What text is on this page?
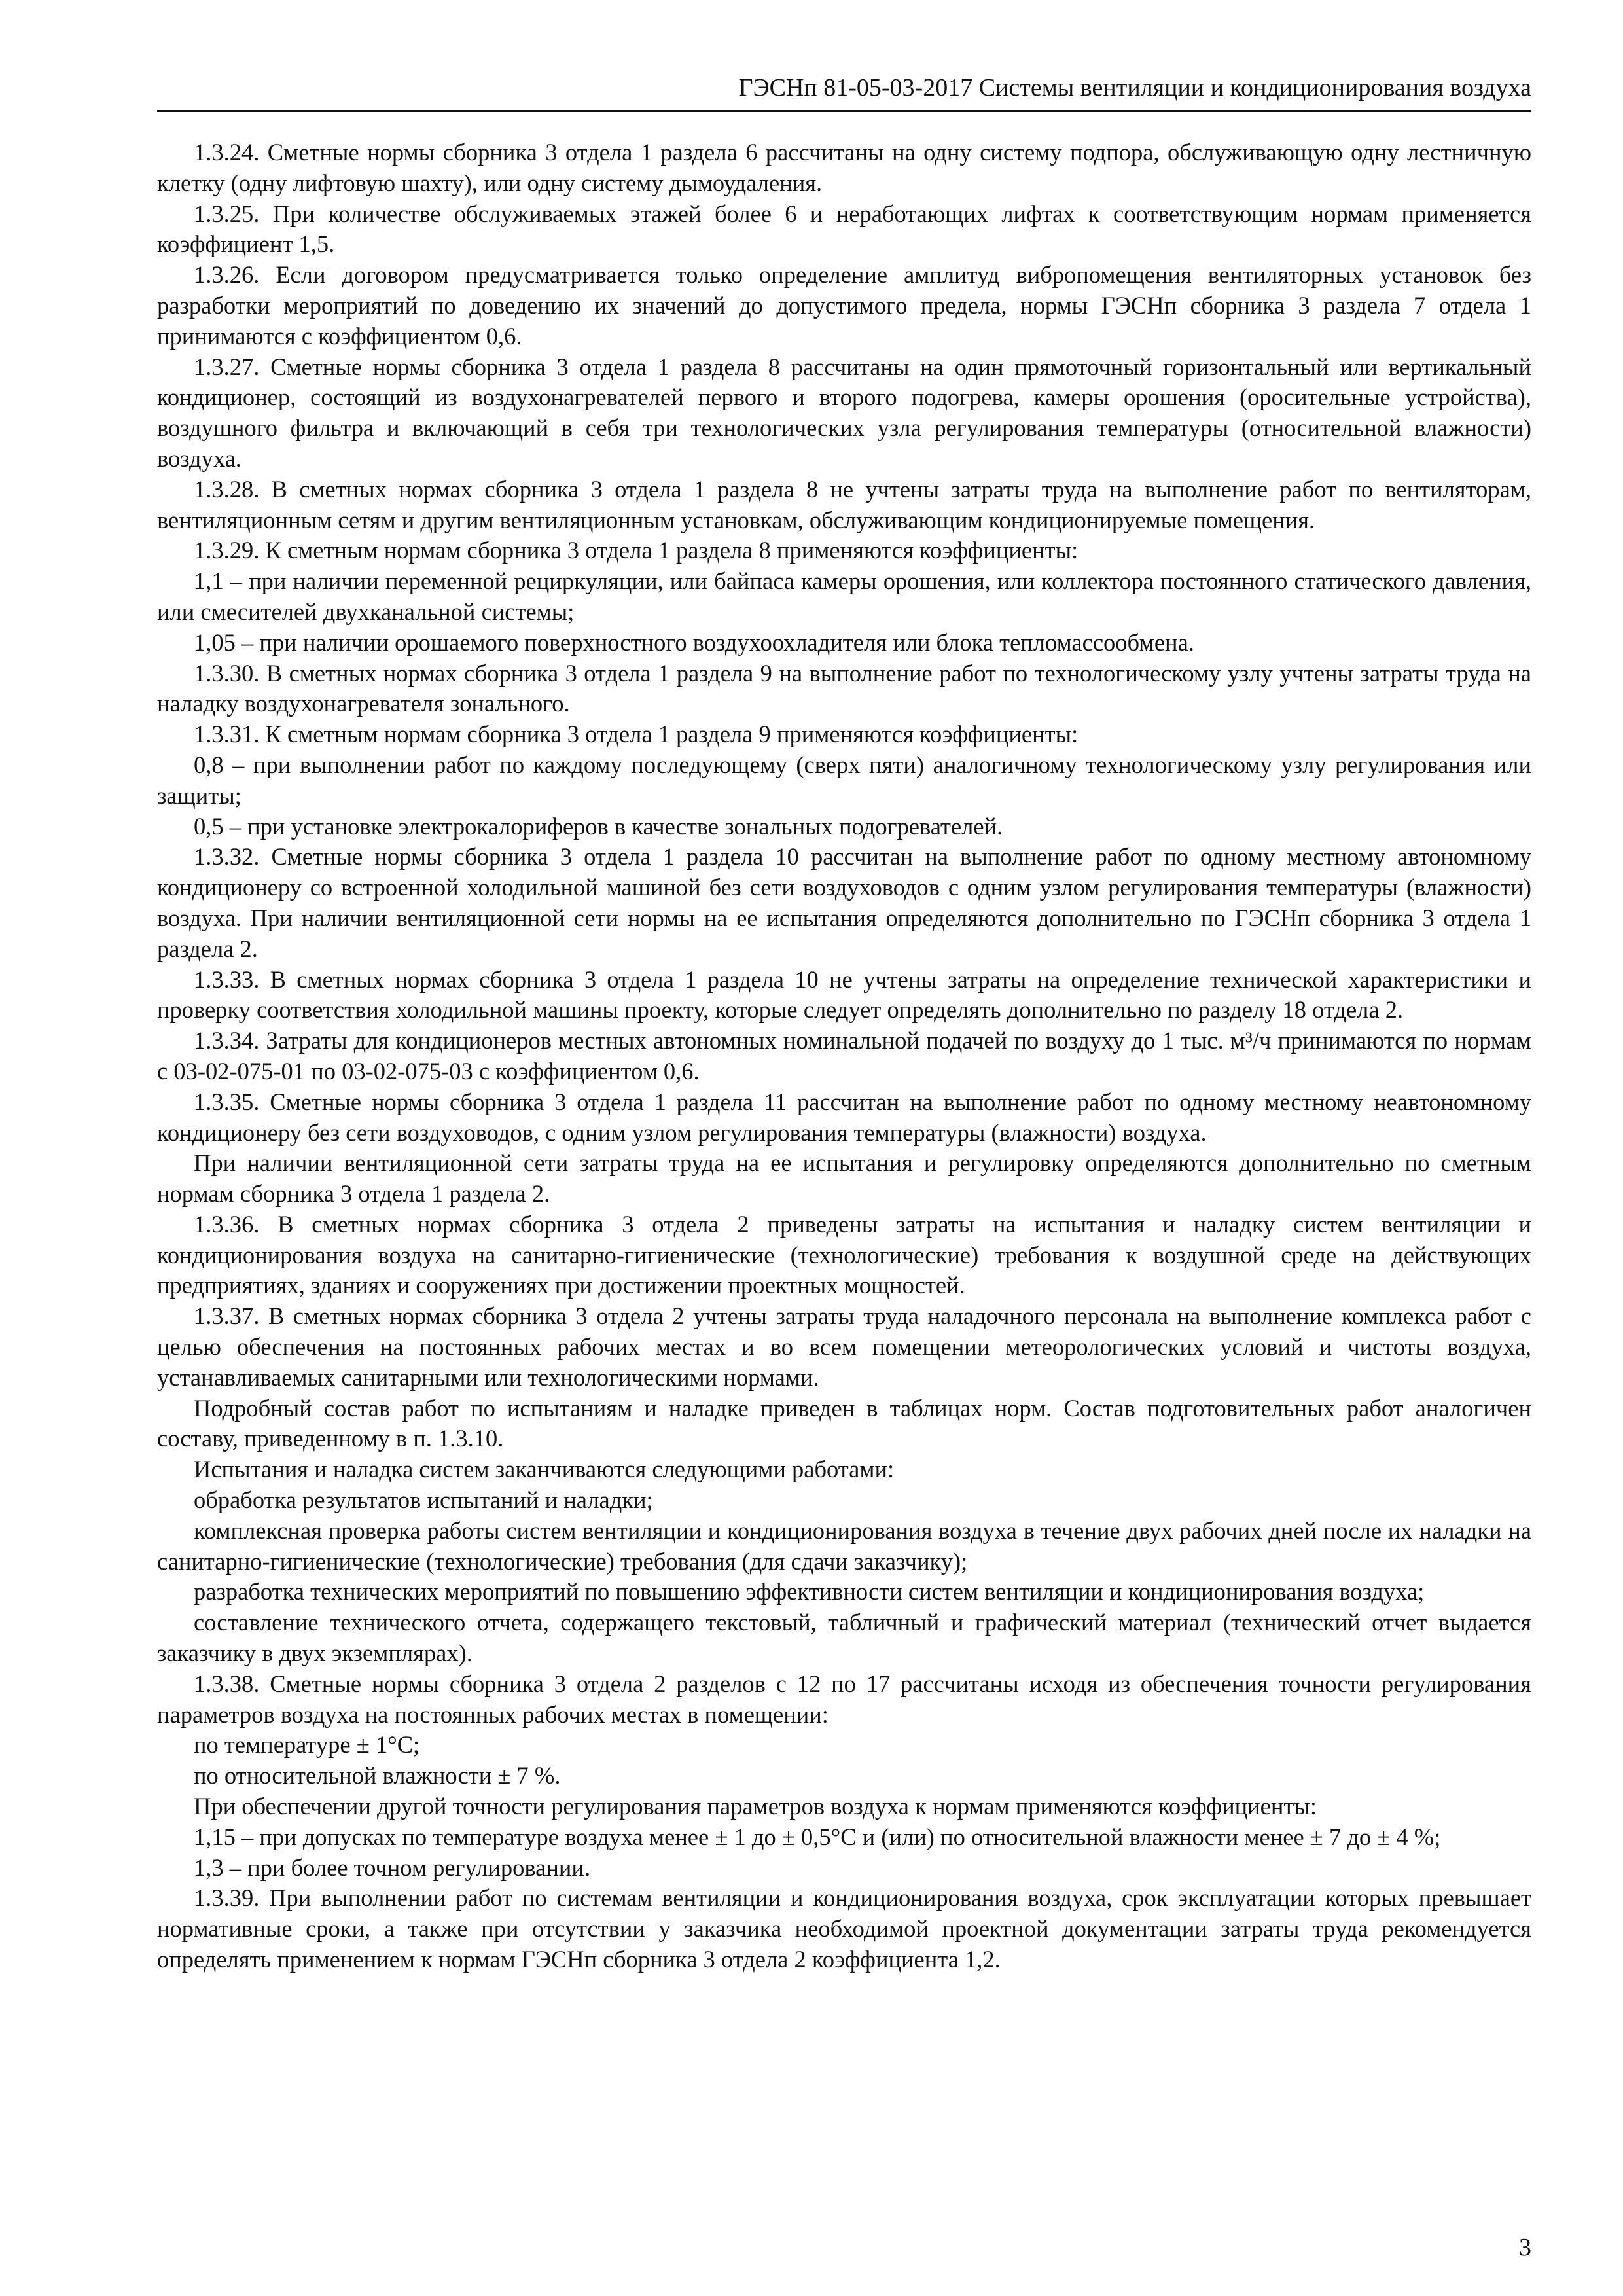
ГЭСНп 81-05-03-2017 Системы вентиляции и кондиционирования воздуха

1.3.24. Сметные нормы сборника 3 отдела 1 раздела 6 рассчитаны на одну систему подпора, обслуживающую одну лестничную клетку (одну лифтовую шахту), или одну систему дымоудаления.

1.3.25. При количестве обслуживаемых этажей более 6 и неработающих лифтах к соответствующим нормам применяется коэффициент 1,5.

1.3.26. Если договором предусматривается только определение амплитуд вибропомещения вентиляторных установок без разработки мероприятий по доведению их значений до допустимого предела, нормы ГЭСНп сборника 3 раздела 7 отдела 1 принимаются с коэффициентом 0,6.

1.3.27. Сметные нормы сборника 3 отдела 1 раздела 8 рассчитаны на один прямоточный горизонтальный или вертикальный кондиционер, состоящий из воздухонагревателей первого и второго подогрева, камеры орошения (оросительные устройства), воздушного фильтра и включающий в себя три технологических узла регулирования температуры (относительной влажности) воздуха.

1.3.28. В сметных нормах сборника 3 отдела 1 раздела 8 не учтены затраты труда на выполнение работ по вентиляторам, вентиляционным сетям и другим вентиляционным установкам, обслуживающим кондиционируемые помещения.

1.3.29. К сметным нормам сборника 3 отдела 1 раздела 8 применяются коэффициенты:

1,1 – при наличии переменной рециркуляции, или байпаса камеры орошения, или коллектора постоянного статического давления, или смесителей двухканальной системы;

1,05 – при наличии орошаемого поверхностного воздухоохладителя или блока тепломассообмена.

1.3.30. В сметных нормах сборника 3 отдела 1 раздела 9 на выполнение работ по технологическому узлу учтены затраты труда на наладку воздухонагревателя зонального.

1.3.31. К сметным нормам сборника 3 отдела 1 раздела 9 применяются коэффициенты:

0,8 – при выполнении работ по каждому последующему (сверх пяти) аналогичному технологическому узлу регулирования или защиты;

0,5 – при установке электрокалориферов в качестве зональных подогревателей.

1.3.32. Сметные нормы сборника 3 отдела 1 раздела 10 рассчитан на выполнение работ по одному местному автономному кондиционеру со встроенной холодильной машиной без сети воздуховодов с одним узлом регулирования температуры (влажности) воздуха. При наличии вентиляционной сети нормы на ее испытания определяются дополнительно по ГЭСНп сборника 3 отдела 1 раздела 2.

1.3.33. В сметных нормах сборника 3 отдела 1 раздела 10 не учтены затраты на определение технической характеристики и проверку соответствия холодильной машины проекту, которые следует определять дополнительно по разделу 18 отдела 2.

1.3.34. Затраты для кондиционеров местных автономных номинальной подачей по воздуху до 1 тыс. м³/ч принимаются по нормам с 03-02-075-01 по 03-02-075-03 с коэффициентом 0,6.

1.3.35. Сметные нормы сборника 3 отдела 1 раздела 11 рассчитан на выполнение работ по одному местному неавтономному кондиционеру без сети воздуховодов, с одним узлом регулирования температуры (влажности) воздуха.

При наличии вентиляционной сети затраты труда на ее испытания и регулировку определяются дополнительно по сметным нормам сборника 3 отдела 1 раздела 2.

1.3.36. В сметных нормах сборника 3 отдела 2 приведены затраты на испытания и наладку систем вентиляции и кондиционирования воздуха на санитарно-гигиенические (технологические) требования к воздушной среде на действующих предприятиях, зданиях и сооружениях при достижении проектных мощностей.

1.3.37. В сметных нормах сборника 3 отдела 2 учтены затраты труда наладочного персонала на выполнение комплекса работ с целью обеспечения на постоянных рабочих местах и во всем помещении метеорологических условий и чистоты воздуха, устанавливаемых санитарными или технологическими нормами.

Подробный состав работ по испытаниям и наладке приведен в таблицах норм. Состав подготовительных работ аналогичен составу, приведенному в п. 1.3.10.

Испытания и наладка систем заканчиваются следующими работами:

обработка результатов испытаний и наладки;

комплексная проверка работы систем вентиляции и кондиционирования воздуха в течение двух рабочих дней после их наладки на санитарно-гигиенические (технологические) требования (для сдачи заказчику);

разработка технических мероприятий по повышению эффективности систем вентиляции и кондиционирования воздуха;

составление технического отчета, содержащего текстовый, табличный и графический материал (технический отчет выдается заказчику в двух экземплярах).

1.3.38. Сметные нормы сборника 3 отдела 2 разделов с 12 по 17 рассчитаны исходя из обеспечения точности регулирования параметров воздуха на постоянных рабочих местах в помещении:

по температуре ± 1°С;

по относительной влажности ± 7 %.

При обеспечении другой точности регулирования параметров воздуха к нормам применяются коэффициенты:

1,15 – при допусках по температуре воздуха менее ± 1 до ± 0,5°С и (или) по относительной влажности менее ± 7 до ± 4 %;

1,3 – при более точном регулировании.

1.3.39. При выполнении работ по системам вентиляции и кондиционирования воздуха, срок эксплуатации которых превышает нормативные сроки, а также при отсутствии у заказчика необходимой проектной документации затраты труда рекомендуется определять применением к нормам ГЭСНп сборника 3 отдела 2 коэффициента 1,2.

3
